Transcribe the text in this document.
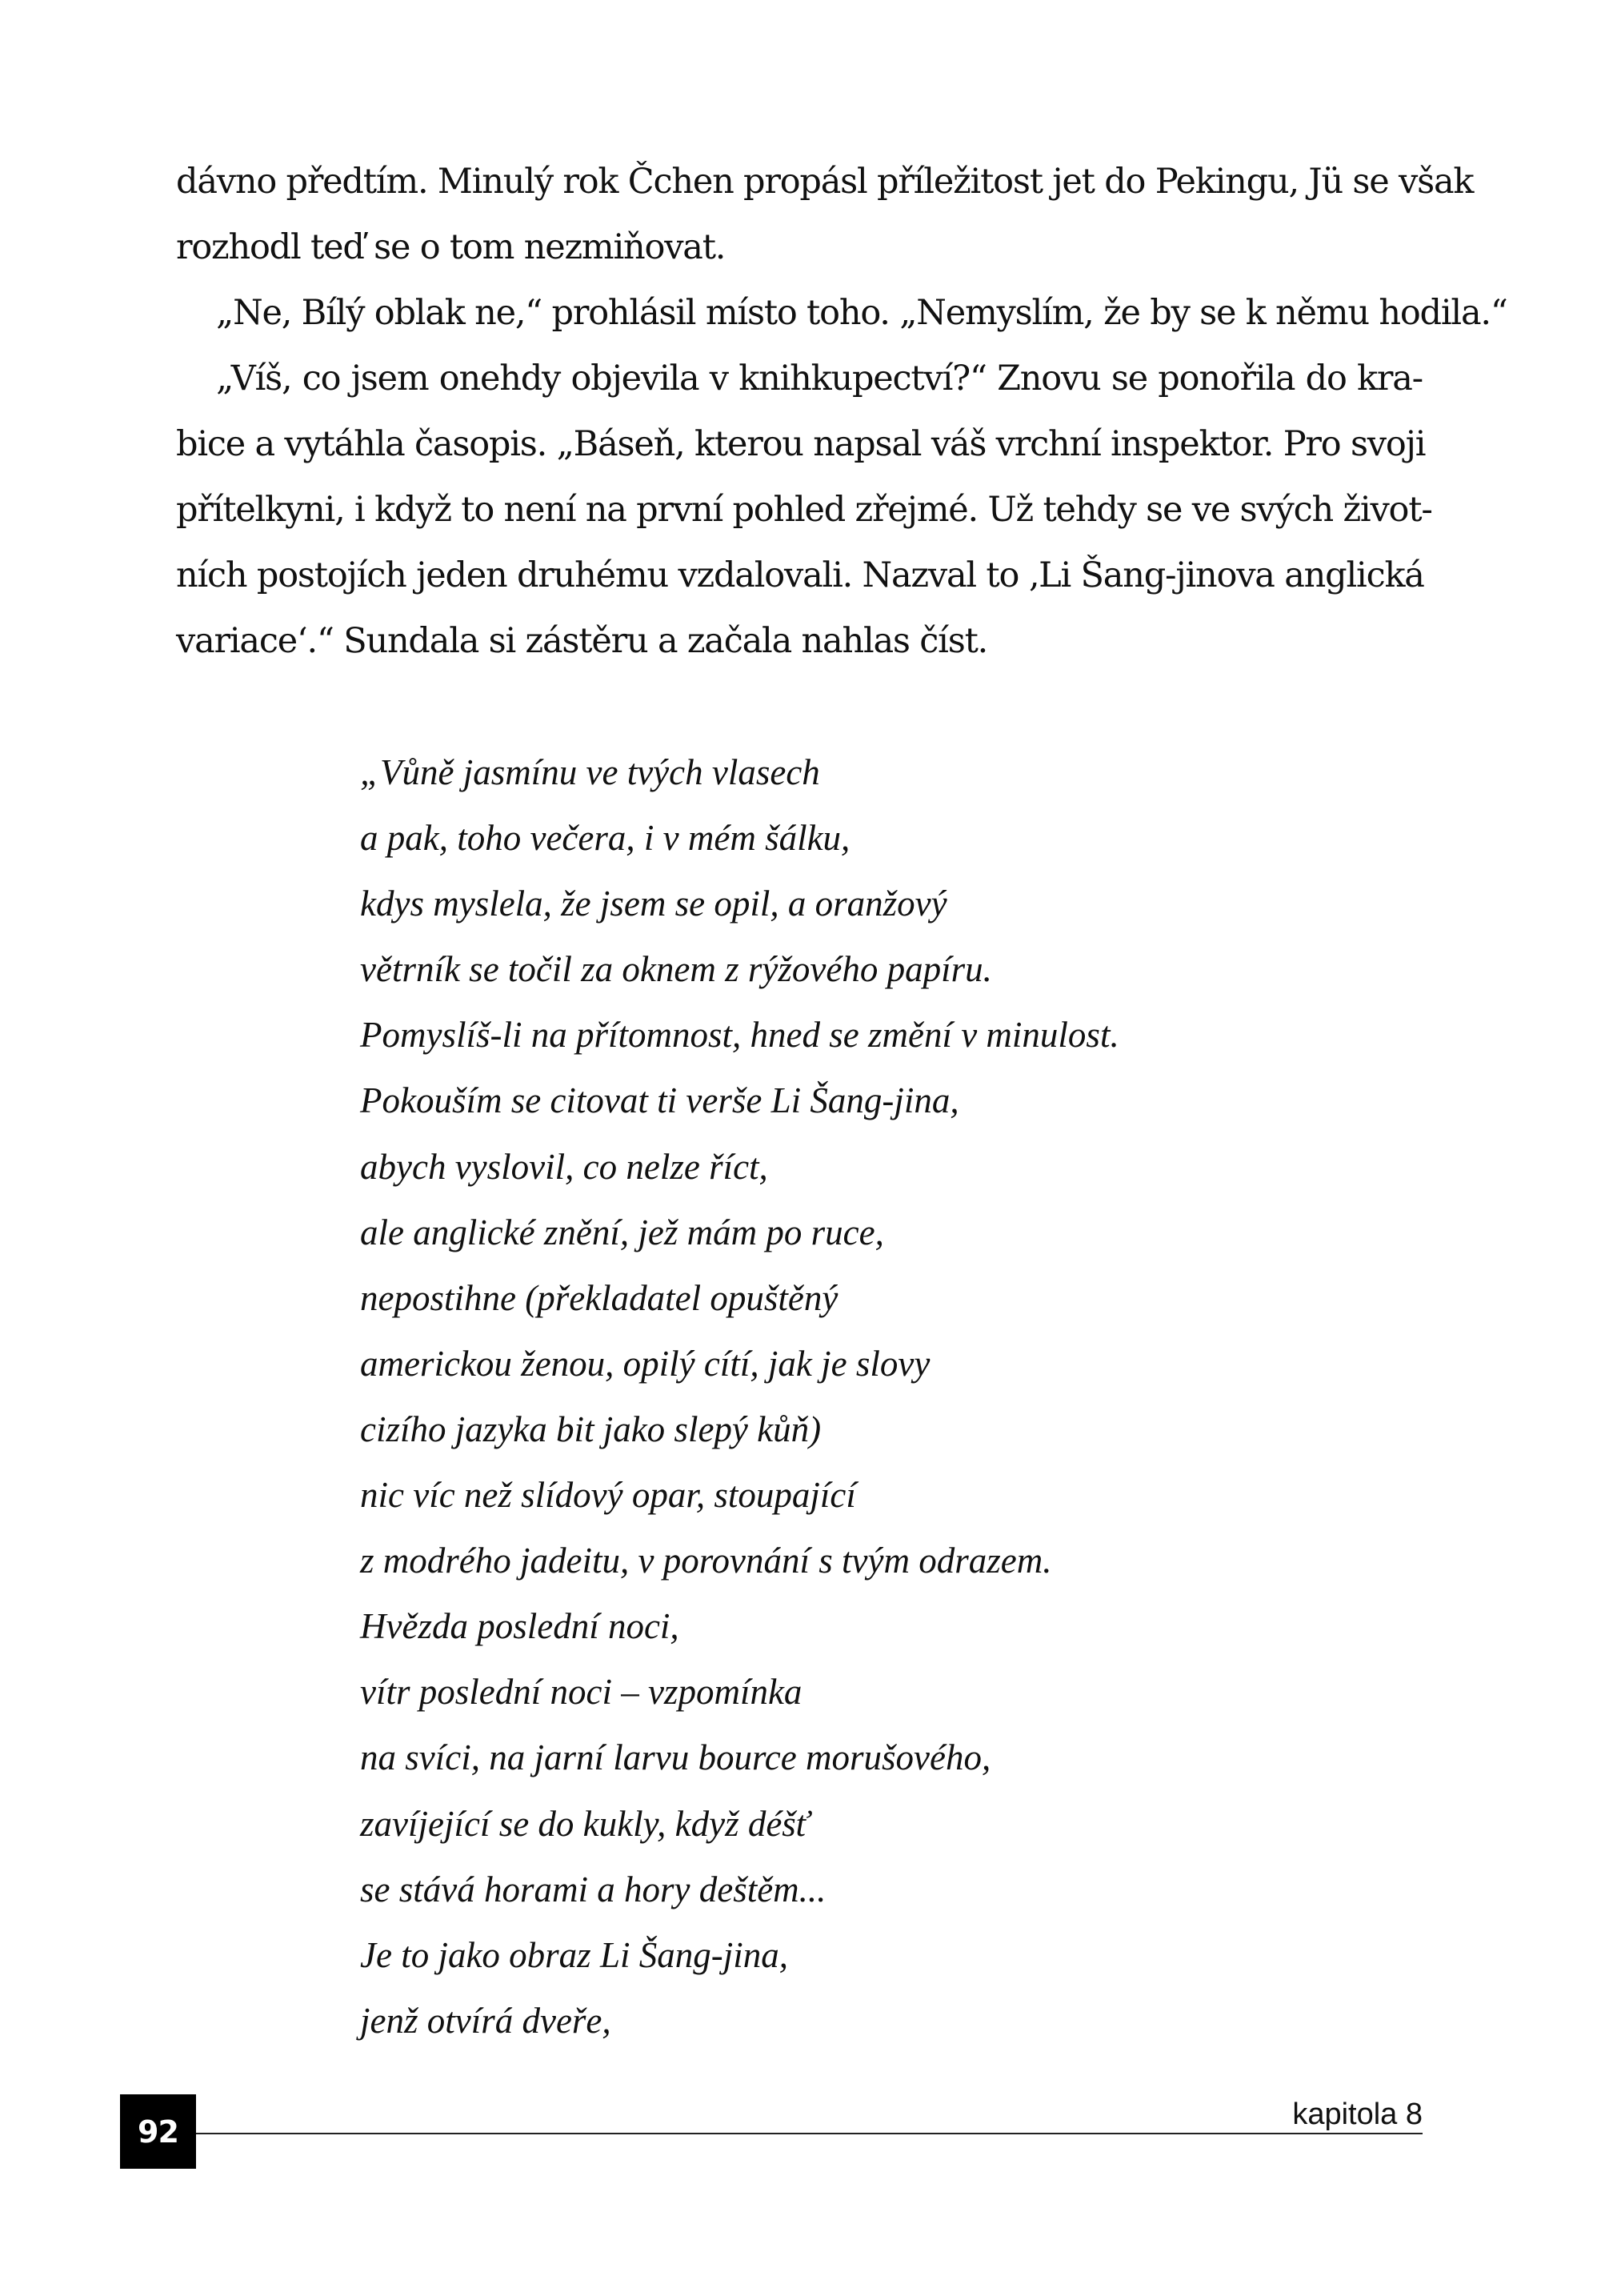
dávno předtím. Minulý rok Čchen propásl příležitost jet do Pekingu, Jü se však
rozhodl teď se o tom nezmiňovat.
„Ne, Bílý oblak ne,“ prohlásil místo toho. „Nemyslím, že by se k němu hodila.“
„Víš, co jsem onehdy objevila v knihkupectví?“ Znovu se ponořila do kra-
bice a vytáhla časopis. „Báseň, kterou napsal váš vrchní inspektor. Pro svoji
přítelkyni, i když to není na první pohled zřejmé. Už tehdy se ve svých život-
ních postojích jeden druhému vzdalovali. Nazval to ‚Li Šang-jinova anglická
variace‘.“ Sundala si zástěru a začala nahlas číst.
„Vůně jasmínu ve tvých vlasech
a pak, toho večera, i v mém šálku,
kdys myslela, že jsem se opil, a oranžový
větrník se točil za oknem z rýžového papíru.
Pomyslíš-li na přítomnost, hned se změní v minulost.
Pokouším se citovat ti verše Li Šang-jina,
abych vyslovil, co nelze říct,
ale anglické znění, jež mám po ruce,
nepostihne (překladatel opuštěný
americkou ženou, opilý cítí, jak je slovy
cizího jazyka bit jako slepý kůň)
nic víc než slídový opar, stoupající
z modrého jadeitu, v porovnání s tvým odrazem.
Hvězda poslední noci,
vítr poslední noci – vzpomínka
na svíci, na jarní larvu bource morušového,
zavíjející se do kukly, když déšť
se stává horami a hory deštěm...
Je to jako obraz Li Šang-jina,
jenž otvírá dveře,
92	kapitola 8
